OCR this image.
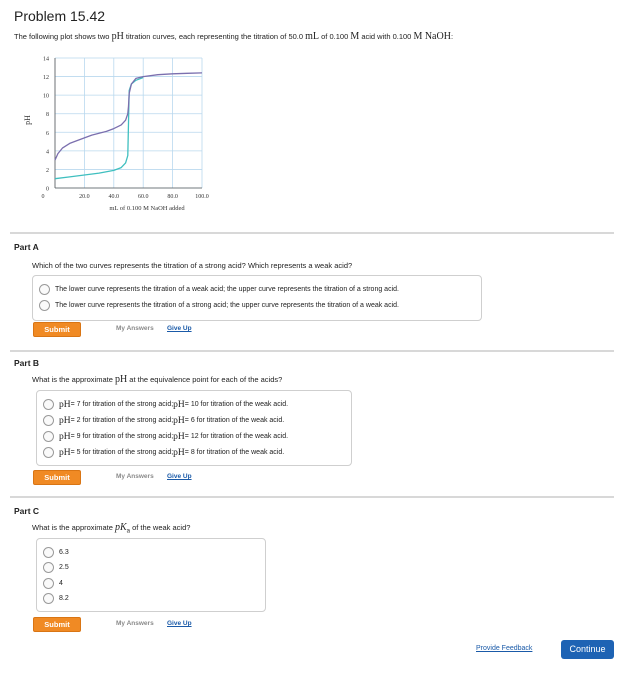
Problem 15.42
The following plot shows two pH titration curves, each representing the titration of 50.0 mL of 0.100 M acid with 0.100 M NaOH:
0
2
4
6
8
10
12
14
0	20.0	40.0	60.0	80.0	100.0
pH
mL of 0.100 M NaOH added
Part A
Which of the two curves represents the titration of a strong acid? Which represents a weak acid?
The lower curve represents the titration of a weak acid; the upper curve represents the titration of a strong acid.
The lower curve represents the titration of a strong acid; the upper curve represents the titration of a weak acid.
Submit	My Answers Give Up
Part B
What is the approximate pH at the equivalence point for each of the acids?
pH = 7 for titration of the strong acid; pH = 10 for titration of the weak acid.
pH = 2 for titration of the strong acid; pH = 6 for titration of the weak acid.
pH = 9 for titration of the strong acid; pH = 12 for titration of the weak acid.
pH = 5 for titration of the strong acid; pH = 8 for titration of the weak acid.
Submit	My Answers Give Up
Part C
What is the approximate $pK_a$ of the weak acid?
6.3
2.5
4
8.2
Submit	My Answers Give Up
Provide Feedback	Continue
